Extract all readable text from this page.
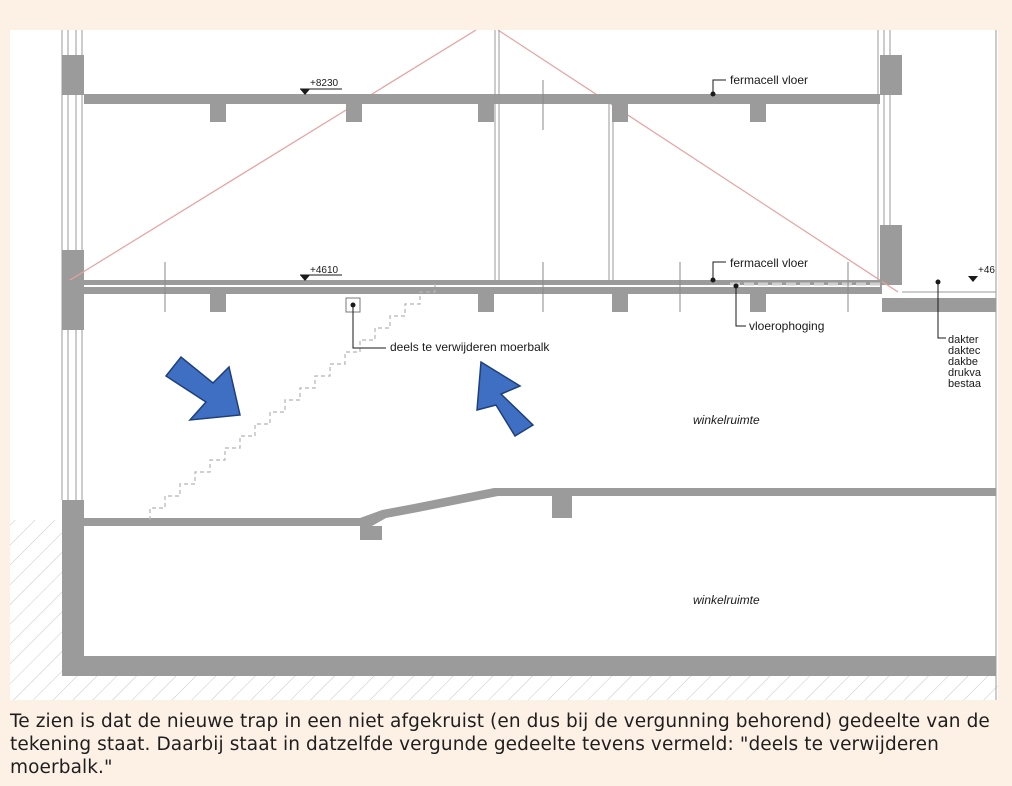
+8230
+4610	+46
fermacell vloer
fermacell vloer
vloerophoging
deels te verwijderen moerbalk
winkelruimte
winkelruimte
dakter
daktec
dakbe
drukva
bestaa
Te zien is dat de nieuwe trap in een niet afgekruist (en dus bij de vergunning behorend) gedeelte van de tekening staat. Daarbij staat in datzelfde vergunde gedeelte tevens vermeld: "deels te verwijderen moerbalk."
